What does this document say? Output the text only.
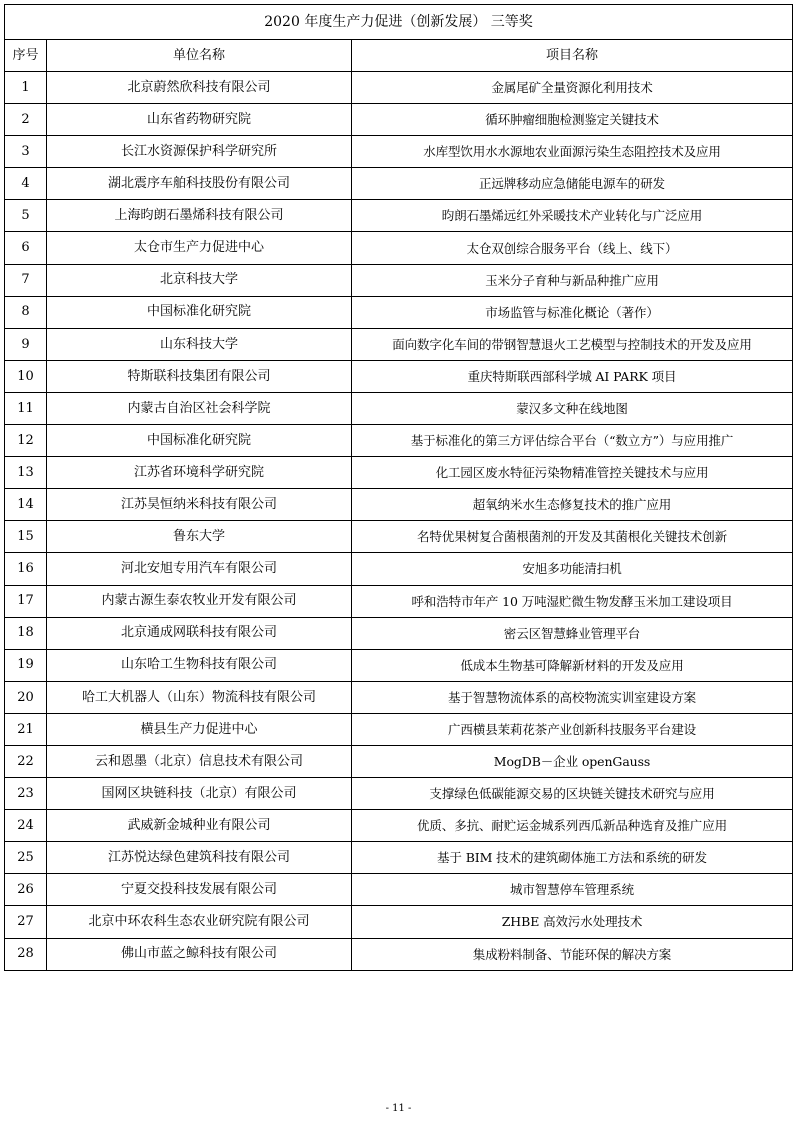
2020 年度生产力促进（创新发展） 三等奖		
序号	单位名称	项目名称
1	北京蔚然欣科技有限公司	金属尾矿全量资源化利用技术
2	山东省药物研究院	循环肿瘤细胞检测鉴定关键技术
3	长江水资源保护科学研究所	水库型饮用水水源地农业面源污染生态阻控技术及应用
4	湖北震序车舶科技股份有限公司	正远牌移动应急储能电源车的研发
5	上海昀朗石墨烯科技有限公司	昀朗石墨烯远红外采暖技术产业转化与广泛应用
6	太仓市生产力促进中心	太仓双创综合服务平台（线上、线下）
7	北京科技大学	玉米分子育种与新品种推广应用
8	中国标准化研究院	市场监管与标准化概论（著作）
9	山东科技大学	面向数字化车间的带钢智慧退火工艺模型与控制技术的开发及应用
10	特斯联科技集团有限公司	重庆特斯联西部科学城 AI PARK 项目
11	内蒙古自治区社会科学院	蒙汉多文种在线地图
12	中国标准化研究院	基于标准化的第三方评估综合平台（“数立方”）与应用推广
13	江苏省环境科学研究院	化工园区废水特征污染物精准管控关键技术与应用
14	江苏昊恒纳米科技有限公司	超氧纳米水生态修复技术的推广应用
15	鲁东大学	名特优果树复合菌根菌剂的开发及其菌根化关键技术创新
16	河北安旭专用汽车有限公司	安旭多功能清扫机
17	内蒙古源生泰农牧业开发有限公司	呼和浩特市年产 10 万吨湿贮微生物发酵玉米加工建设项目
18	北京通成网联科技有限公司	密云区智慧蜂业管理平台
19	山东哈工生物科技有限公司	低成本生物基可降解新材料的开发及应用
20	哈工大机器人（山东）物流科技有限公司	基于智慧物流体系的高校物流实训室建设方案
21	横县生产力促进中心	广西横县茉莉花茶产业创新科技服务平台建设
22	云和恩墨（北京）信息技术有限公司	MogDB－企业 openGauss
23	国网区块链科技（北京）有限公司	支撑绿色低碳能源交易的区块链关键技术研究与应用
24	武威新金城种业有限公司	优质、多抗、耐贮运金城系列西瓜新品种选育及推广应用
25	江苏悦达绿色建筑科技有限公司	基于 BIM 技术的建筑砌体施工方法和系统的研发
26	宁夏交投科技发展有限公司	城市智慧停车管理系统
27	北京中环农科生态农业研究院有限公司	ZHBE 高效污水处理技术
28	佛山市蓝之鲸科技有限公司	集成粉料制备、节能环保的解决方案
- 11 -
